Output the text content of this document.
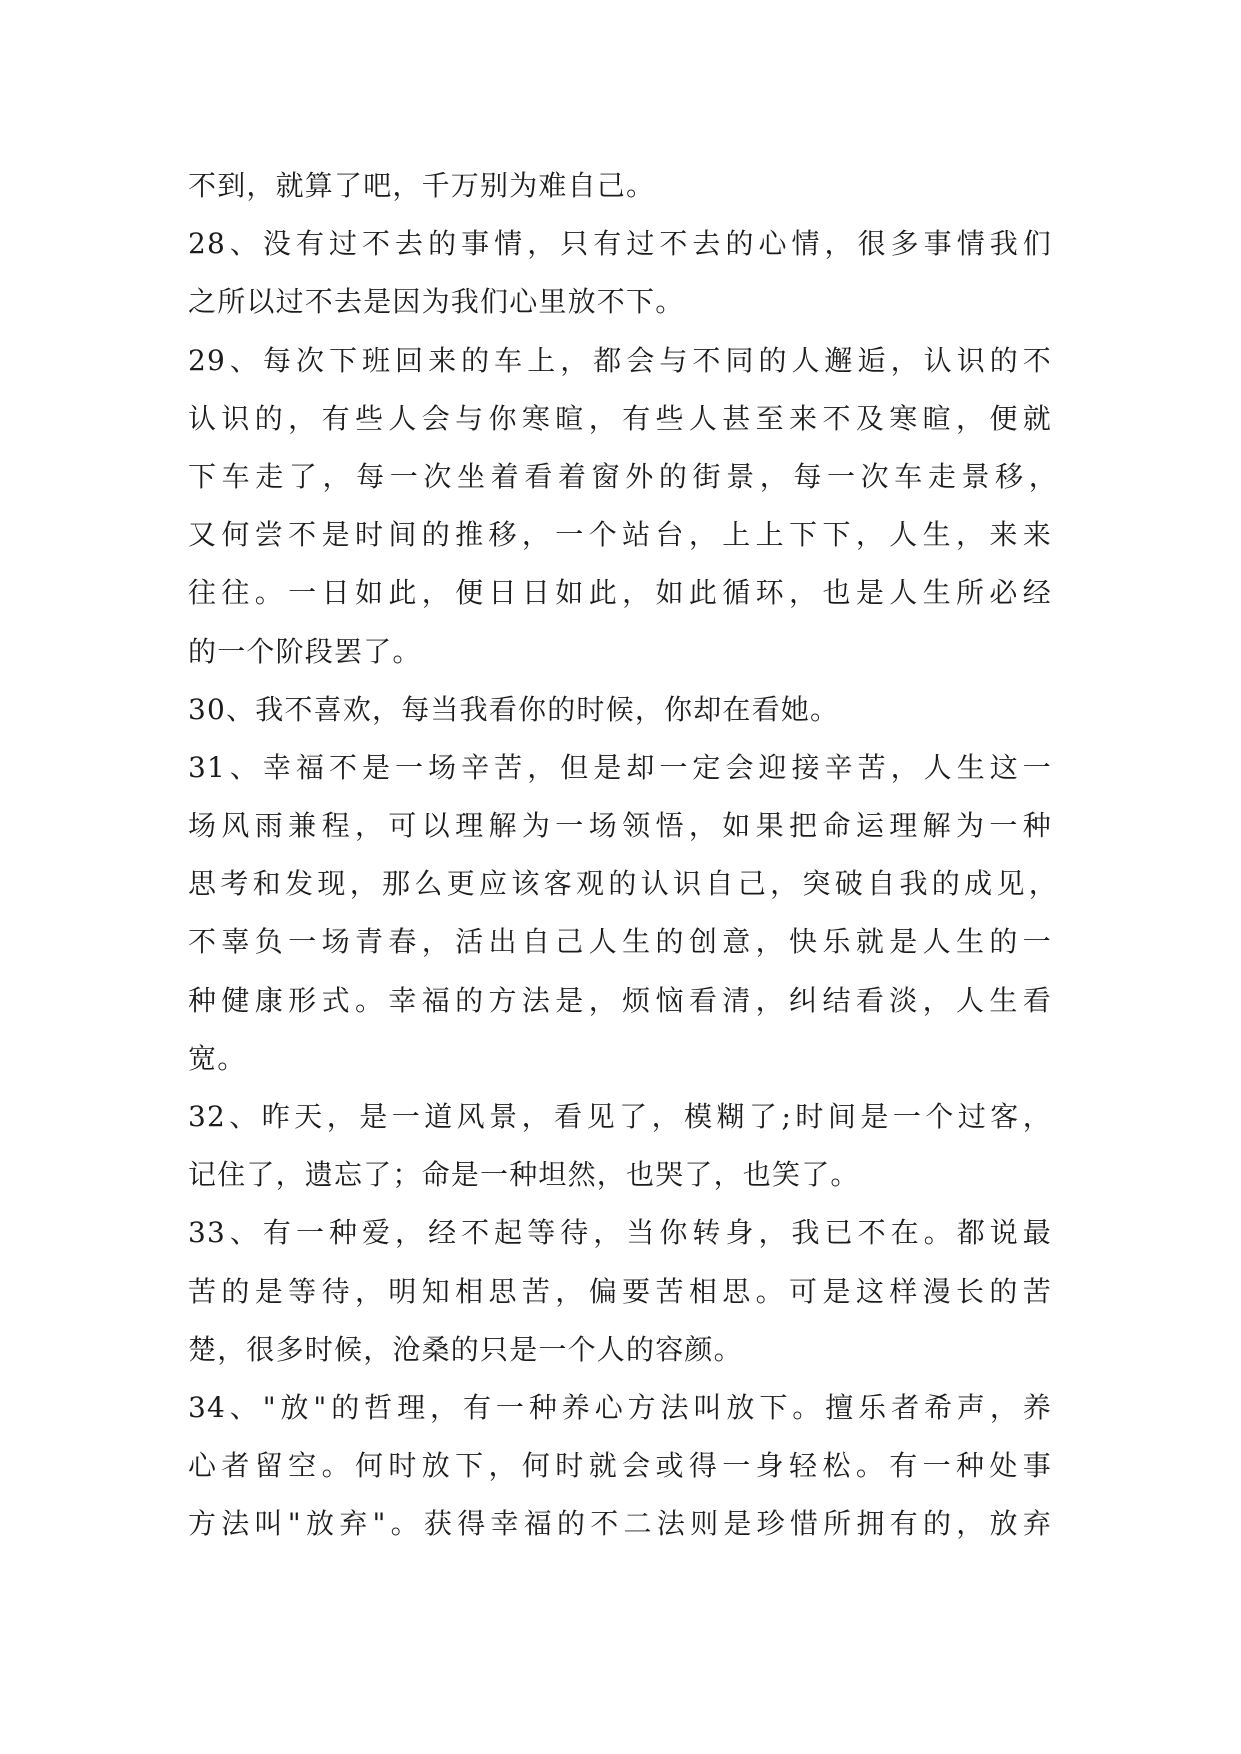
不到，就算了吧，千万别为难自己。
28、没有过不去的事情，只有过不去的心情，很多事情我们
之所以过不去是因为我们心里放不下。
29、每次下班回来的车上，都会与不同的人邂逅，认识的不
认识的，有些人会与你寒暄，有些人甚至来不及寒暄，便就
下车走了，每一次坐着看着窗外的街景，每一次车走景移，
又何尝不是时间的推移，一个站台，上上下下，人生，来来
往往。一日如此，便日日如此，如此循环，也是人生所必经
的一个阶段罢了。
30、我不喜欢，每当我看你的时候，你却在看她。
31、幸福不是一场辛苦，但是却一定会迎接辛苦，人生这一
场风雨兼程，可以理解为一场领悟，如果把命运理解为一种
思考和发现，那么更应该客观的认识自己，突破自我的成见，
不辜负一场青春，活出自己人生的创意，快乐就是人生的一
种健康形式。幸福的方法是，烦恼看清，纠结看淡，人生看
宽。
32、昨天，是一道风景，看见了，模糊了;时间是一个过客，
记住了，遗忘了；命是一种坦然，也哭了，也笑了。
33、有一种爱，经不起等待，当你转身，我已不在。都说最
苦的是等待，明知相思苦，偏要苦相思。可是这样漫长的苦
楚，很多时候，沧桑的只是一个人的容颜。
34、"放"的哲理，有一种养心方法叫放下。擅乐者希声，养
心者留空。何时放下，何时就会或得一身轻松。有一种处事
方法叫"放弃"。获得幸福的不二法则是珍惜所拥有的，放弃
